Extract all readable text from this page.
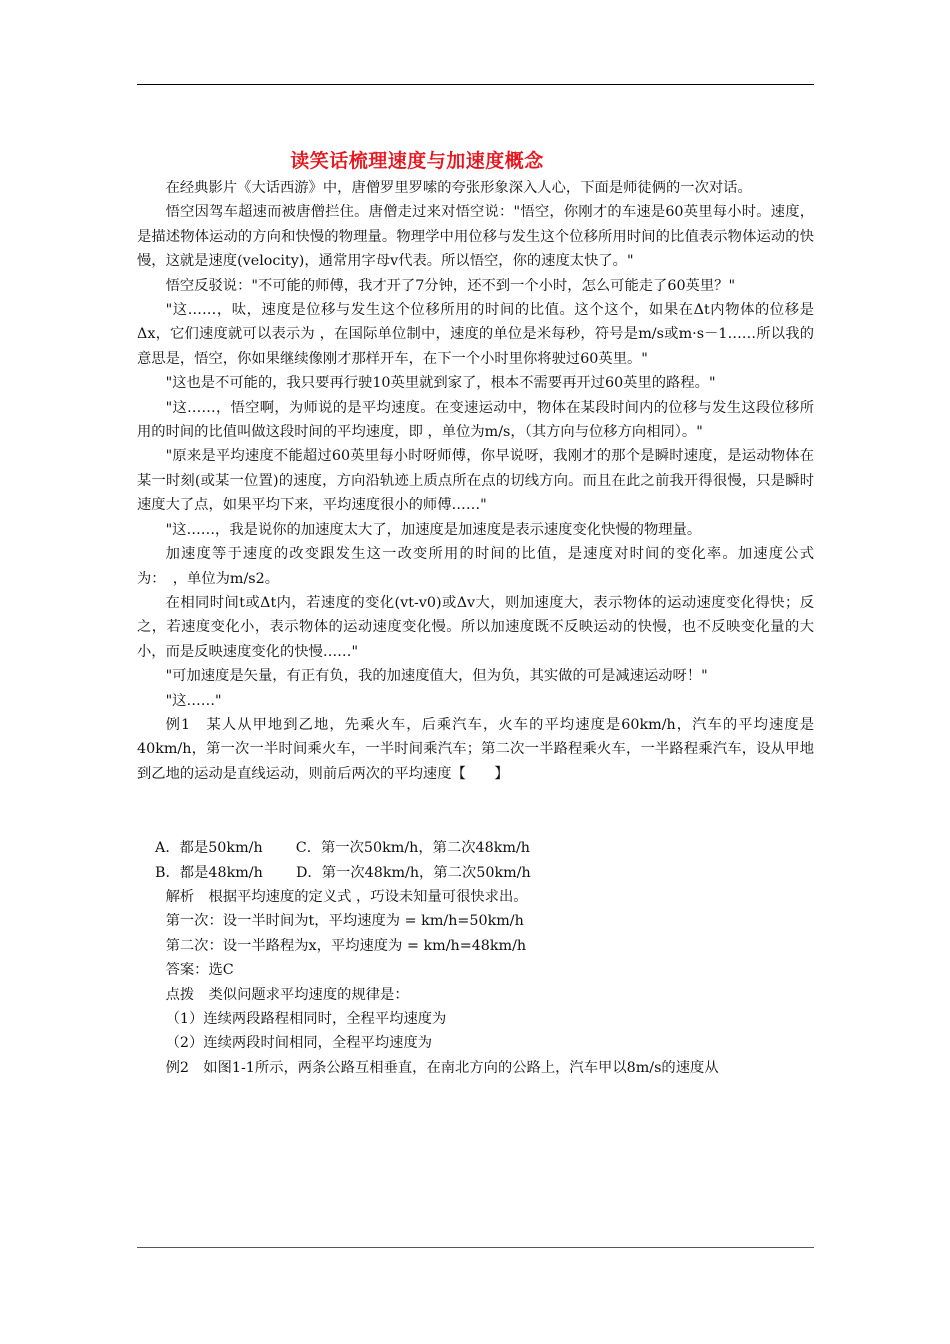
读笑话梳理速度与加速度概念

在经典影片《大话西游》中，唐僧罗里罗嗦的夸张形象深入人心，下面是师徒俩的一次对话。

悟空因驾车超速而被唐僧拦住。唐僧走过来对悟空说："悟空，你刚才的车速是60英里每小时。速度，是描述物体运动的方向和快慢的物理量。物理学中用位移与发生这个位移所用时间的比值表示物体运动的快慢，这就是速度(velocity)，通常用字母v代表。所以悟空，你的速度太快了。"

悟空反驳说："不可能的师傅，我才开了7分钟，还不到一个小时，怎么可能走了60英里？"

"这……，呔，速度是位移与发生这个位移所用的时间的比值。这个这个，如果在Δt内物体的位移是Δx，它们速度就可以表示为 ，在国际单位制中，速度的单位是米每秒，符号是m/s或m·s－1……所以我的意思是，悟空，你如果继续像刚才那样开车，在下一个小时里你将驶过60英里。"

"这也是不可能的，我只要再行驶10英里就到家了，根本不需要再开过60英里的路程。"

"这……，悟空啊，为师说的是平均速度。在变速运动中，物体在某段时间内的位移与发生这段位移所用的时间的比值叫做这段时间的平均速度，即 ，单位为m/s，（其方向与位移方向相同）。"

"原来是平均速度不能超过60英里每小时呀师傅，你早说呀，我刚才的那个是瞬时速度，是运动物体在某一时刻(或某一位置)的速度，方向沿轨迹上质点所在点的切线方向。而且在此之前我开得很慢，只是瞬时速度大了点，如果平均下来，平均速度很小的师傅……"

"这……，我是说你的加速度太大了，加速度是加速度是表示速度变化快慢的物理量。

加速度等于速度的改变跟发生这一改变所用的时间的比值，是速度对时间的变化率。加速度公式为：　，单位为m/s2。

在相同时间t或Δt内，若速度的变化(vt-v0)或Δv大，则加速度大，表示物体的运动速度变化得快；反之，若速度变化小，表示物体的运动速度变化慢。所以加速度既不反映运动的快慢，也不反映变化量的大小，而是反映速度变化的快慢……"

"可加速度是矢量，有正有负，我的加速度值大，但为负，其实做的可是减速运动呀！"

"这……"

例1　某人从甲地到乙地，先乘火车，后乘汽车，火车的平均速度是60km/h，汽车的平均速度是40km/h，第一次一半时间乘火车，一半时间乘汽车；第二次一半路程乘火车，一半路程乘汽车，设从甲地到乙地的运动是直线运动，则前后两次的平均速度【　　】

A．都是50km/h　　 C．第一次50km/h，第二次48km/h

B．都是48km/h　　 D．第一次48km/h，第二次50km/h

解析　根据平均速度的定义式 ，巧设未知量可很快求出。

第一次：设一半时间为t，平均速度为 = km/h=50km/h

第二次：设一半路程为x，平均速度为 = km/h=48km/h

答案：选C

点拨　类似问题求平均速度的规律是：

（1）连续两段路程相同时，全程平均速度为

（2）连续两段时间相同，全程平均速度为

例2　如图1-1所示，两条公路互相垂直，在南北方向的公路上，汽车甲以8m/s的速度从
